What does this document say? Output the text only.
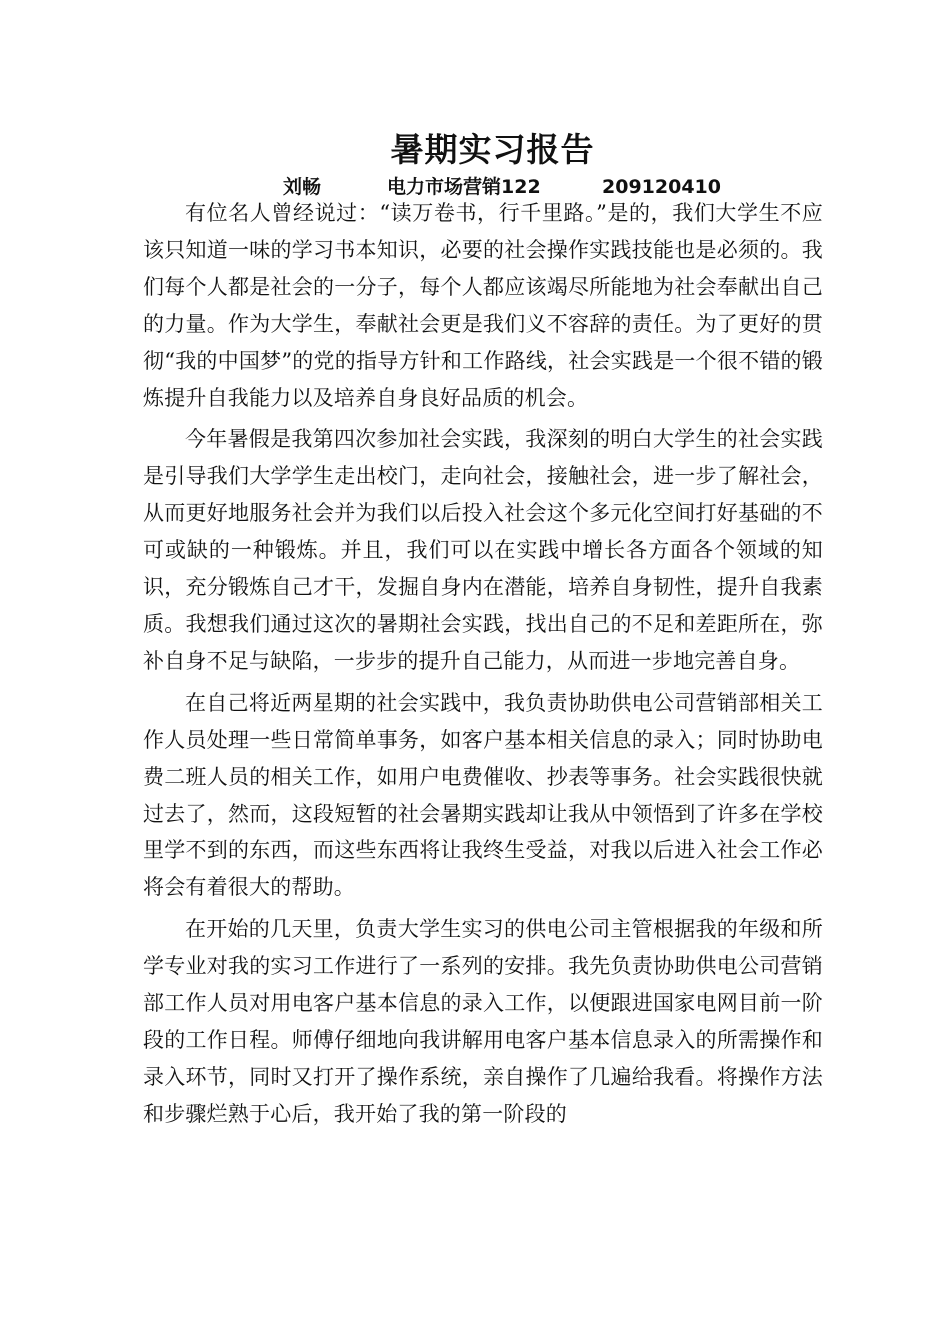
暑期实习报告
刘畅	电力市场营销122	209120410

有位名人曾经说过：“读万卷书，行千里路。”是的，我们大学生不应该只知道一味的学习书本知识，必要的社会操作实践技能也是必须的。我们每个人都是社会的一分子，每个人都应该竭尽所能地为社会奉献出自己的力量。作为大学生，奉献社会更是我们义不容辞的责任。为了更好的贯彻“我的中国梦”的党的指导方针和工作路线，社会实践是一个很不错的锻炼提升自我能力以及培养自身良好品质的机会。

今年暑假是我第四次参加社会实践，我深刻的明白大学生的社会实践是引导我们大学学生走出校门，走向社会，接触社会，进一步了解社会，从而更好地服务社会并为我们以后投入社会这个多元化空间打好基础的不可或缺的一种锻炼。并且，我们可以在实践中增长各方面各个领域的知识，充分锻炼自己才干，发掘自身内在潜能，培养自身韧性，提升自我素质。我想我们通过这次的暑期社会实践，找出自己的不足和差距所在，弥补自身不足与缺陷，一步步的提升自己能力，从而进一步地完善自身。

在自己将近两星期的社会实践中，我负责协助供电公司营销部相关工作人员处理一些日常简单事务，如客户基本相关信息的录入；同时协助电费二班人员的相关工作，如用户电费催收、抄表等事务。社会实践很快就过去了，然而，这段短暂的社会暑期实践却让我从中领悟到了许多在学校里学不到的东西，而这些东西将让我终生受益，对我以后进入社会工作必将会有着很大的帮助。

在开始的几天里，负责大学生实习的供电公司主管根据我的年级和所学专业对我的实习工作进行了一系列的安排。我先负责协助供电公司营销部工作人员对用电客户基本信息的录入工作，以便跟进国家电网目前一阶段的工作日程。师傅仔细地向我讲解用电客户基本信息录入的所需操作和录入环节，同时又打开了操作系统，亲自操作了几遍给我看。将操作方法和步骤烂熟于心后，我开始了我的第一阶段的
